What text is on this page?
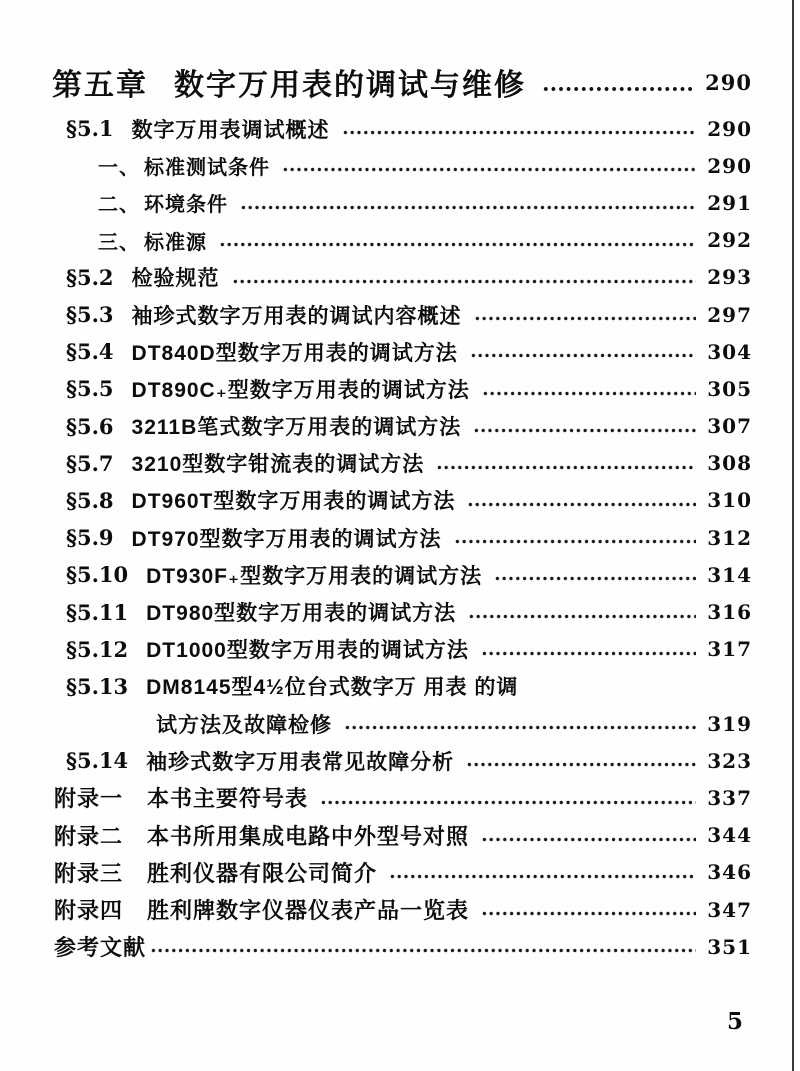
第五章 数字万用表的调试与维修	290
§5.1 数字万用表调试概述	290
一、 标准测试条件	290
二、 环境条件	291
三、 标准源	292
§5.2 检验规范	293
§5.3 袖珍式数字万用表的调试内容概述	297
§5.4 DT840D型数字万用表的调试方法	304
§5.5 DT890C₊型数字万用表的调试方法	305
§5.6 3211B笔式数字万用表的调试方法	307
§5.7 3210型数字钳流表的调试方法	308
§5.8 DT960T型数字万用表的调试方法	310
§5.9 DT970型数字万用表的调试方法	312
§5.10 DT930F₊型数字万用表的调试方法	314
§5.11 DT980型数字万用表的调试方法	316
§5.12 DT1000型数字万用表的调试方法	317
§5.13 DM8145型4½位台式数字万 用表 的调
试方法及故障检修	319
§5.14 袖珍式数字万用表常见故障分析	323
附录一 本书主要符号表	337
附录二 本书所用集成电路中外型号对照	344
附录三 胜利仪器有限公司简介	346
附录四 胜利牌数字仪器仪表产品一览表	347
参考文献	351
5
